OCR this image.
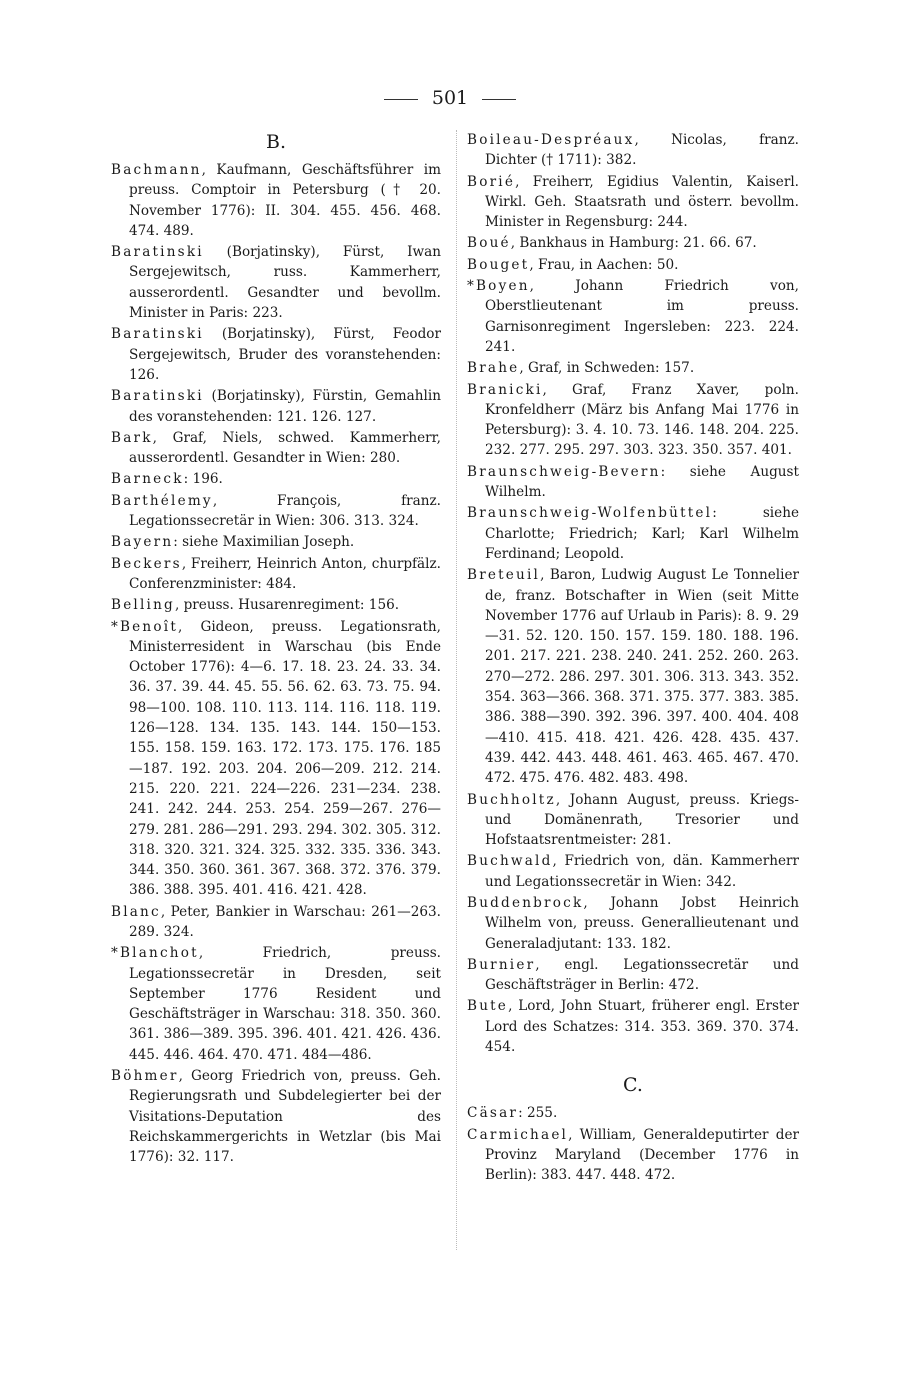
501
B.

Bachmann, Kaufmann, Geschäftsführer im preuss. Comptoir in Petersburg († 20. November 1776): II. 304. 455. 456. 468. 474. 489.

Baratinski (Borjatinsky), Fürst, Iwan Sergejewitsch, russ. Kammerherr, ausserordentl. Gesandter und bevollm. Minister in Paris: 223.

Baratinski (Borjatinsky), Fürst, Feodor Sergejewitsch, Bruder des voranstehenden: 126.

Baratinski (Borjatinsky), Fürstin, Gemahlin des voranstehenden: 121. 126. 127.

Bark, Graf, Niels, schwed. Kammerherr, ausserordentl. Gesandter in Wien: 280.

Barneck: 196.

Barthélemy, François, franz. Legationssecretär in Wien: 306. 313. 324.

Bayern: siehe Maximilian Joseph.

Beckers, Freiherr, Heinrich Anton, churpfälz. Conferenzminister: 484.

Belling, preuss. Husarenregiment: 156.

*Benoît, Gideon, preuss. Legationsrath, Ministerresident in Warschau (bis Ende October 1776): 4—6. 17. 18. 23. 24. 33. 34. 36. 37. 39. 44. 45. 55. 56. 62. 63. 73. 75. 94. 98—100. 108. 110. 113. 114. 116. 118. 119. 126—128. 134. 135. 143. 144. 150—153. 155. 158. 159. 163. 172. 173. 175. 176. 185—187. 192. 203. 204. 206—209. 212. 214. 215. 220. 221. 224—226. 231—234. 238. 241. 242. 244. 253. 254. 259—267. 276—279. 281. 286—291. 293. 294. 302. 305. 312. 318. 320. 321. 324. 325. 332. 335. 336. 343. 344. 350. 360. 361. 367. 368. 372. 376. 379. 386. 388. 395. 401. 416. 421. 428.

Blanc, Peter, Bankier in Warschau: 261—263. 289. 324.

*Blanchot, Friedrich, preuss. Legationssecretär in Dresden, seit September 1776 Resident und Geschäftsträger in Warschau: 318. 350. 360. 361. 386—389. 395. 396. 401. 421. 426. 436. 445. 446. 464. 470. 471. 484—486.

Böhmer, Georg Friedrich von, preuss. Geh. Regierungsrath und Subdelegierter bei der Visitations-Deputation des Reichskammergerichts in Wetzlar (bis Mai 1776): 32. 117.

Boileau-Despréaux, Nicolas, franz. Dichter († 1711): 382.

Borié, Freiherr, Egidius Valentin, Kaiserl. Wirkl. Geh. Staatsrath und österr. bevollm. Minister in Regensburg: 244.

Boué, Bankhaus in Hamburg: 21. 66. 67.

Bouget, Frau, in Aachen: 50.

*Boyen, Johann Friedrich von, Oberstlieutenant im preuss. Garnisonregiment Ingersleben: 223. 224. 241.

Brahe, Graf, in Schweden: 157.

Branicki, Graf, Franz Xaver, poln. Kronfeldherr (März bis Anfang Mai 1776 in Petersburg): 3. 4. 10. 73. 146. 148. 204. 225. 232. 277. 295. 297. 303. 323. 350. 357. 401.

Braunschweig-Bevern: siehe August Wilhelm.

Braunschweig-Wolfenbüttel: siehe Charlotte; Friedrich; Karl; Karl Wilhelm Ferdinand; Leopold.

Breteuil, Baron, Ludwig August Le Tonnelier de, franz. Botschafter in Wien (seit Mitte November 1776 auf Urlaub in Paris): 8. 9. 29—31. 52. 120. 150. 157. 159. 180. 188. 196. 201. 217. 221. 238. 240. 241. 252. 260. 263. 270—272. 286. 297. 301. 306. 313. 343. 352. 354. 363—366. 368. 371. 375. 377. 383. 385. 386. 388—390. 392. 396. 397. 400. 404. 408—410. 415. 418. 421. 426. 428. 435. 437. 439. 442. 443. 448. 461. 463. 465. 467. 470. 472. 475. 476. 482. 483. 498.

Buchholtz, Johann August, preuss. Kriegs- und Domänenrath, Tresorier und Hofstaatsrentmeister: 281.

Buchwald, Friedrich von, dän. Kammerherr und Legationssecretär in Wien: 342.

Buddenbrock, Johann Jobst Heinrich Wilhelm von, preuss. Generallieutenant und Generaladjutant: 133. 182.

Burnier, engl. Legationssecretär und Geschäftsträger in Berlin: 472.

Bute, Lord, John Stuart, früherer engl. Erster Lord des Schatzes: 314. 353. 369. 370. 374. 454.

C.

Cäsar: 255.

Carmichael, William, Generaldeputirter der Provinz Maryland (December 1776 in Berlin): 383. 447. 448. 472.
